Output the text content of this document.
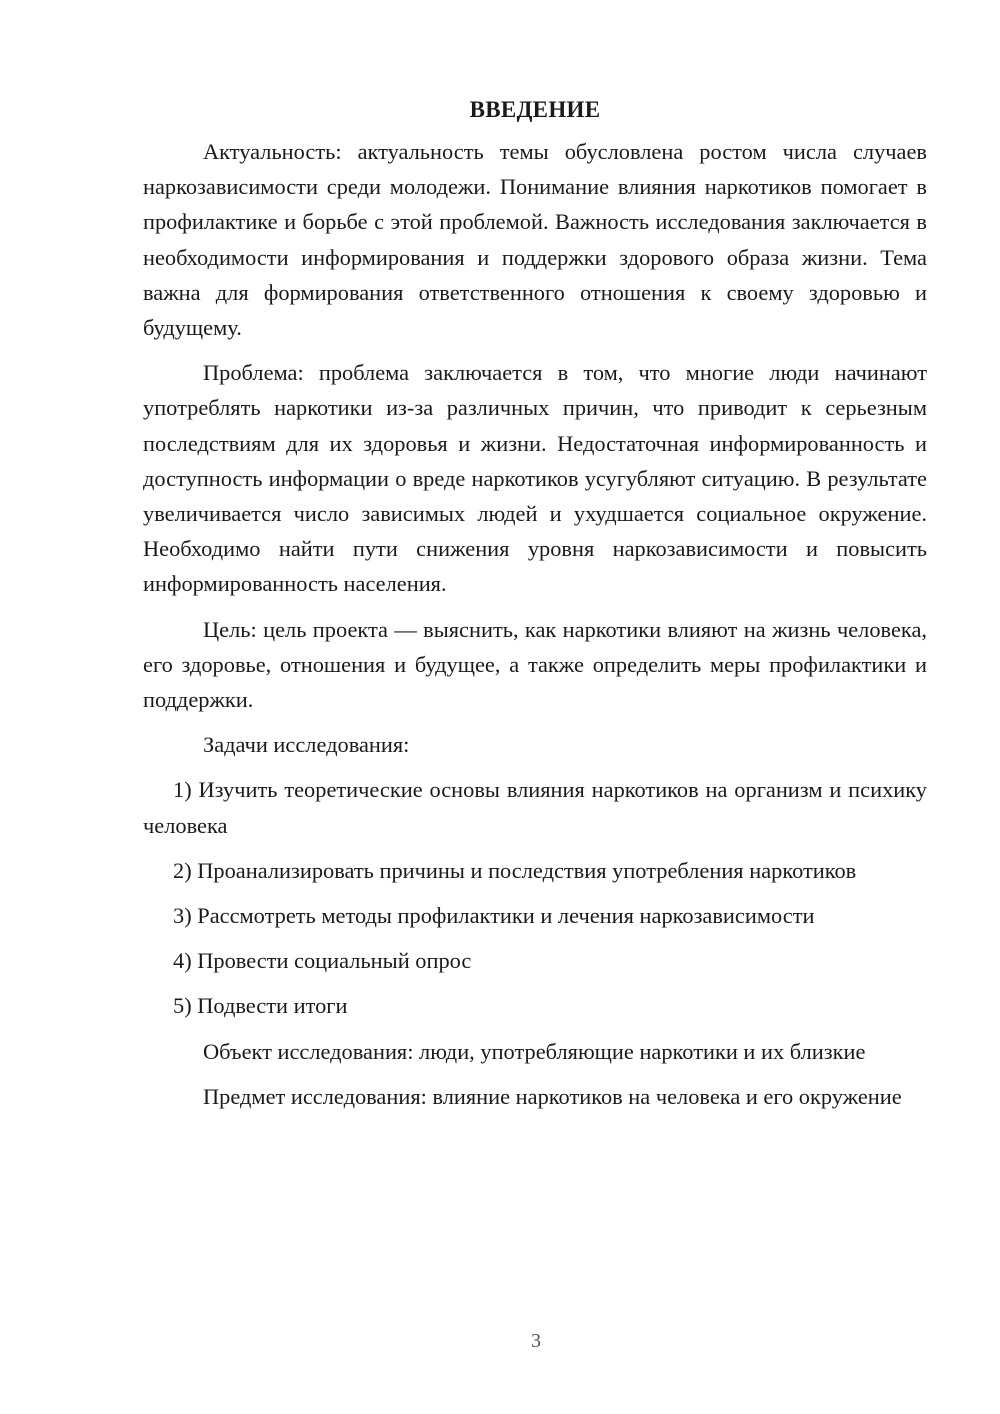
ВВЕДЕНИЕ

Актуальность: актуальность темы обусловлена ростом числа случаев наркозависимости среди молодежи. Понимание влияния наркотиков помогает в профилактике и борьбе с этой проблемой. Важность исследования заключается в необходимости информирования и поддержки здорового образа жизни. Тема важна для формирования ответственного отношения к своему здоровью и будущему.

Проблема: проблема заключается в том, что многие люди начинают употреблять наркотики из-за различных причин, что приводит к серьезным последствиям для их здоровья и жизни. Недостаточная информированность и доступность информации о вреде наркотиков усугубляют ситуацию. В результате увеличивается число зависимых людей и ухудшается социальное окружение. Необходимо найти пути снижения уровня наркозависимости и повысить информированность населения.

Цель: цель проекта — выяснить, как наркотики влияют на жизнь человека, его здоровье, отношения и будущее, а также определить меры профилактики и поддержки.

Задачи исследования:

1) Изучить теоретические основы влияния наркотиков на организм и психику человека

2) Проанализировать причины и последствия употребления наркотиков

3) Рассмотреть методы профилактики и лечения наркозависимости

4) Провести социальный опрос

5) Подвести итоги

Объект исследования: люди, употребляющие наркотики и их близкие

Предмет исследования: влияние наркотиков на человека и его окружение

3
